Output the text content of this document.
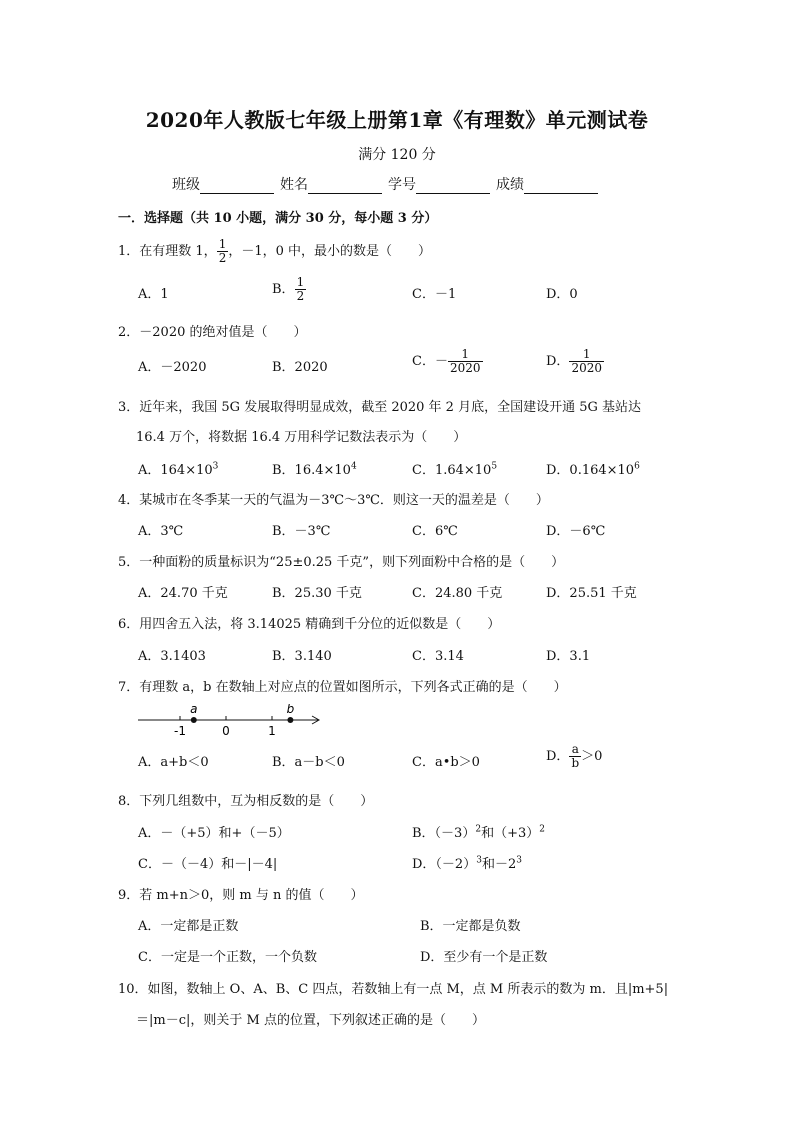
2020年人教版七年级上册第1章《有理数》单元测试卷
满分 120 分
班级	姓名	学号	成绩
一．选择题（共 10 小题，满分 30 分，每小题 3 分）
1．在有理数 1， $\frac{1}{2}$ ，－1，0 中，最小的数是（　　）
A．1	B． $\frac{1}{2}$	C．－1	D．0
2．－2020 的绝对值是（　　）
A．－2020	B．2020	C．－ $\frac{1}{2020}$	D． $\frac{1}{2020}$
3．近年来，我国 5G 发展取得明显成效，截至 2020 年 2 月底，全国建设开通 5G 基站达
16.4 万个，将数据 16.4 万用科学记数法表示为（　　）
A．$164\times 10^3$	B．$16.4\times 10^4$	C．$1.64\times 10^5$	D．$0.164\times 10^6$
4．某城市在冬季某一天的气温为－3℃～3℃．则这一天的温差是（　　）
A．3℃	B．－3℃	C．6℃	D．－6℃
5．一种面粉的质量标识为“25±0.25 千克”，则下列面粉中合格的是（　　）
A．24.70 千克	B．25.30 千克	C．24.80 千克	D．25.51 千克
6．用四舍五入法，将 3.14025 精确到千分位的近似数是（　　）
A．3.1403	B．3.140	C．3.14	D．3.1
7．有理数 a，b 在数轴上对应点的位置如图所示，下列各式正确的是（　　）
-1	0	1
a	b
A．a+b＜0	B．a－b＜0	C．a•b＞0	D． $\frac{a}{b} >0$
8．下列几组数中，互为相反数的是（　　）
A．－（+5）和+（－5）	B．$(-3)^2$和$(+3)^2$
C．－（－4）和－|－4|	D．$(-2)^3$和$-2^3$
9．若 m+n＞0，则 m 与 n 的值（　　）
A．一定都是正数	B．一定都是负数
C．一定是一个正数，一个负数	D．至少有一个是正数
10．如图，数轴上 O、A、B、C 四点，若数轴上有一点 M，点 M 所表示的数为 m．且|m+5|
＝|m－c|，则关于 M 点的位置，下列叙述正确的是（　　）
